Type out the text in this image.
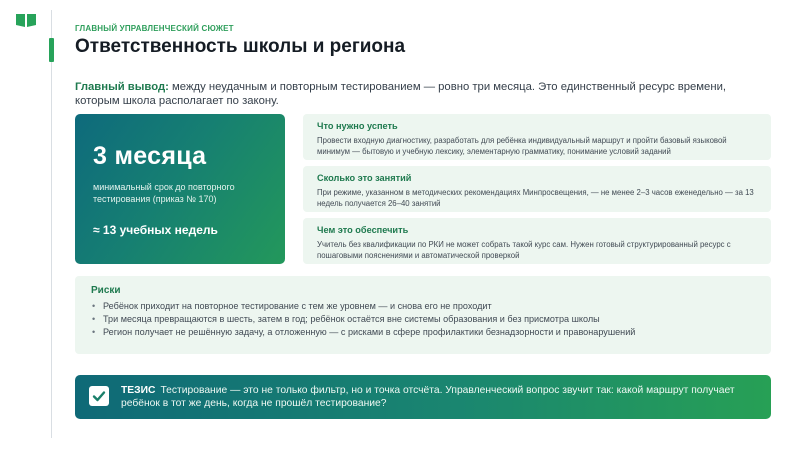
ГЛАВНЫЙ УПРАВЛЕНЧЕСКИЙ СЮЖЕТ
Ответственность школы и региона

Главный вывод: между неудачным и повторным тестированием — ровно три месяца. Это единственный ресурс времени, которым школа располагает по закону.

3 месяца
минимальный срок до повторного тестирования (приказ № 170)
≈ 13 учебных недель
Что нужно успеть
Провести входную диагностику, разработать для ребёнка индивидуальный маршрут и пройти базовый языковой минимум — бытовую и учебную лексику, элементарную грамматику, понимание условий заданий
Сколько это занятий
При режиме, указанном в методических рекомендациях Минпросвещения, — не менее 2–3 часов еженедельно — за 13 недель получается 26–40 занятий
Чем это обеспечить
Учитель без квалификации по РКИ не может собрать такой курс сам. Нужен готовый структурированный ресурс с пошаговыми пояснениями и автоматической проверкой
Риски
• Ребёнок приходит на повторное тестирование с тем же уровнем — и снова его не проходит
• Три месяца превращаются в шесть, затем в год; ребёнок остаётся вне системы образования и без присмотра школы
• Регион получает не решённую задачу, а отложенную — с рисками в сфере профилактики безнадзорности и правонарушений

ТЕЗИС Тестирование — это не только фильтр, но и точка отсчёта. Управленческий вопрос звучит так: какой маршрут получает ребёнок в тот же день, когда не прошёл тестирование?
